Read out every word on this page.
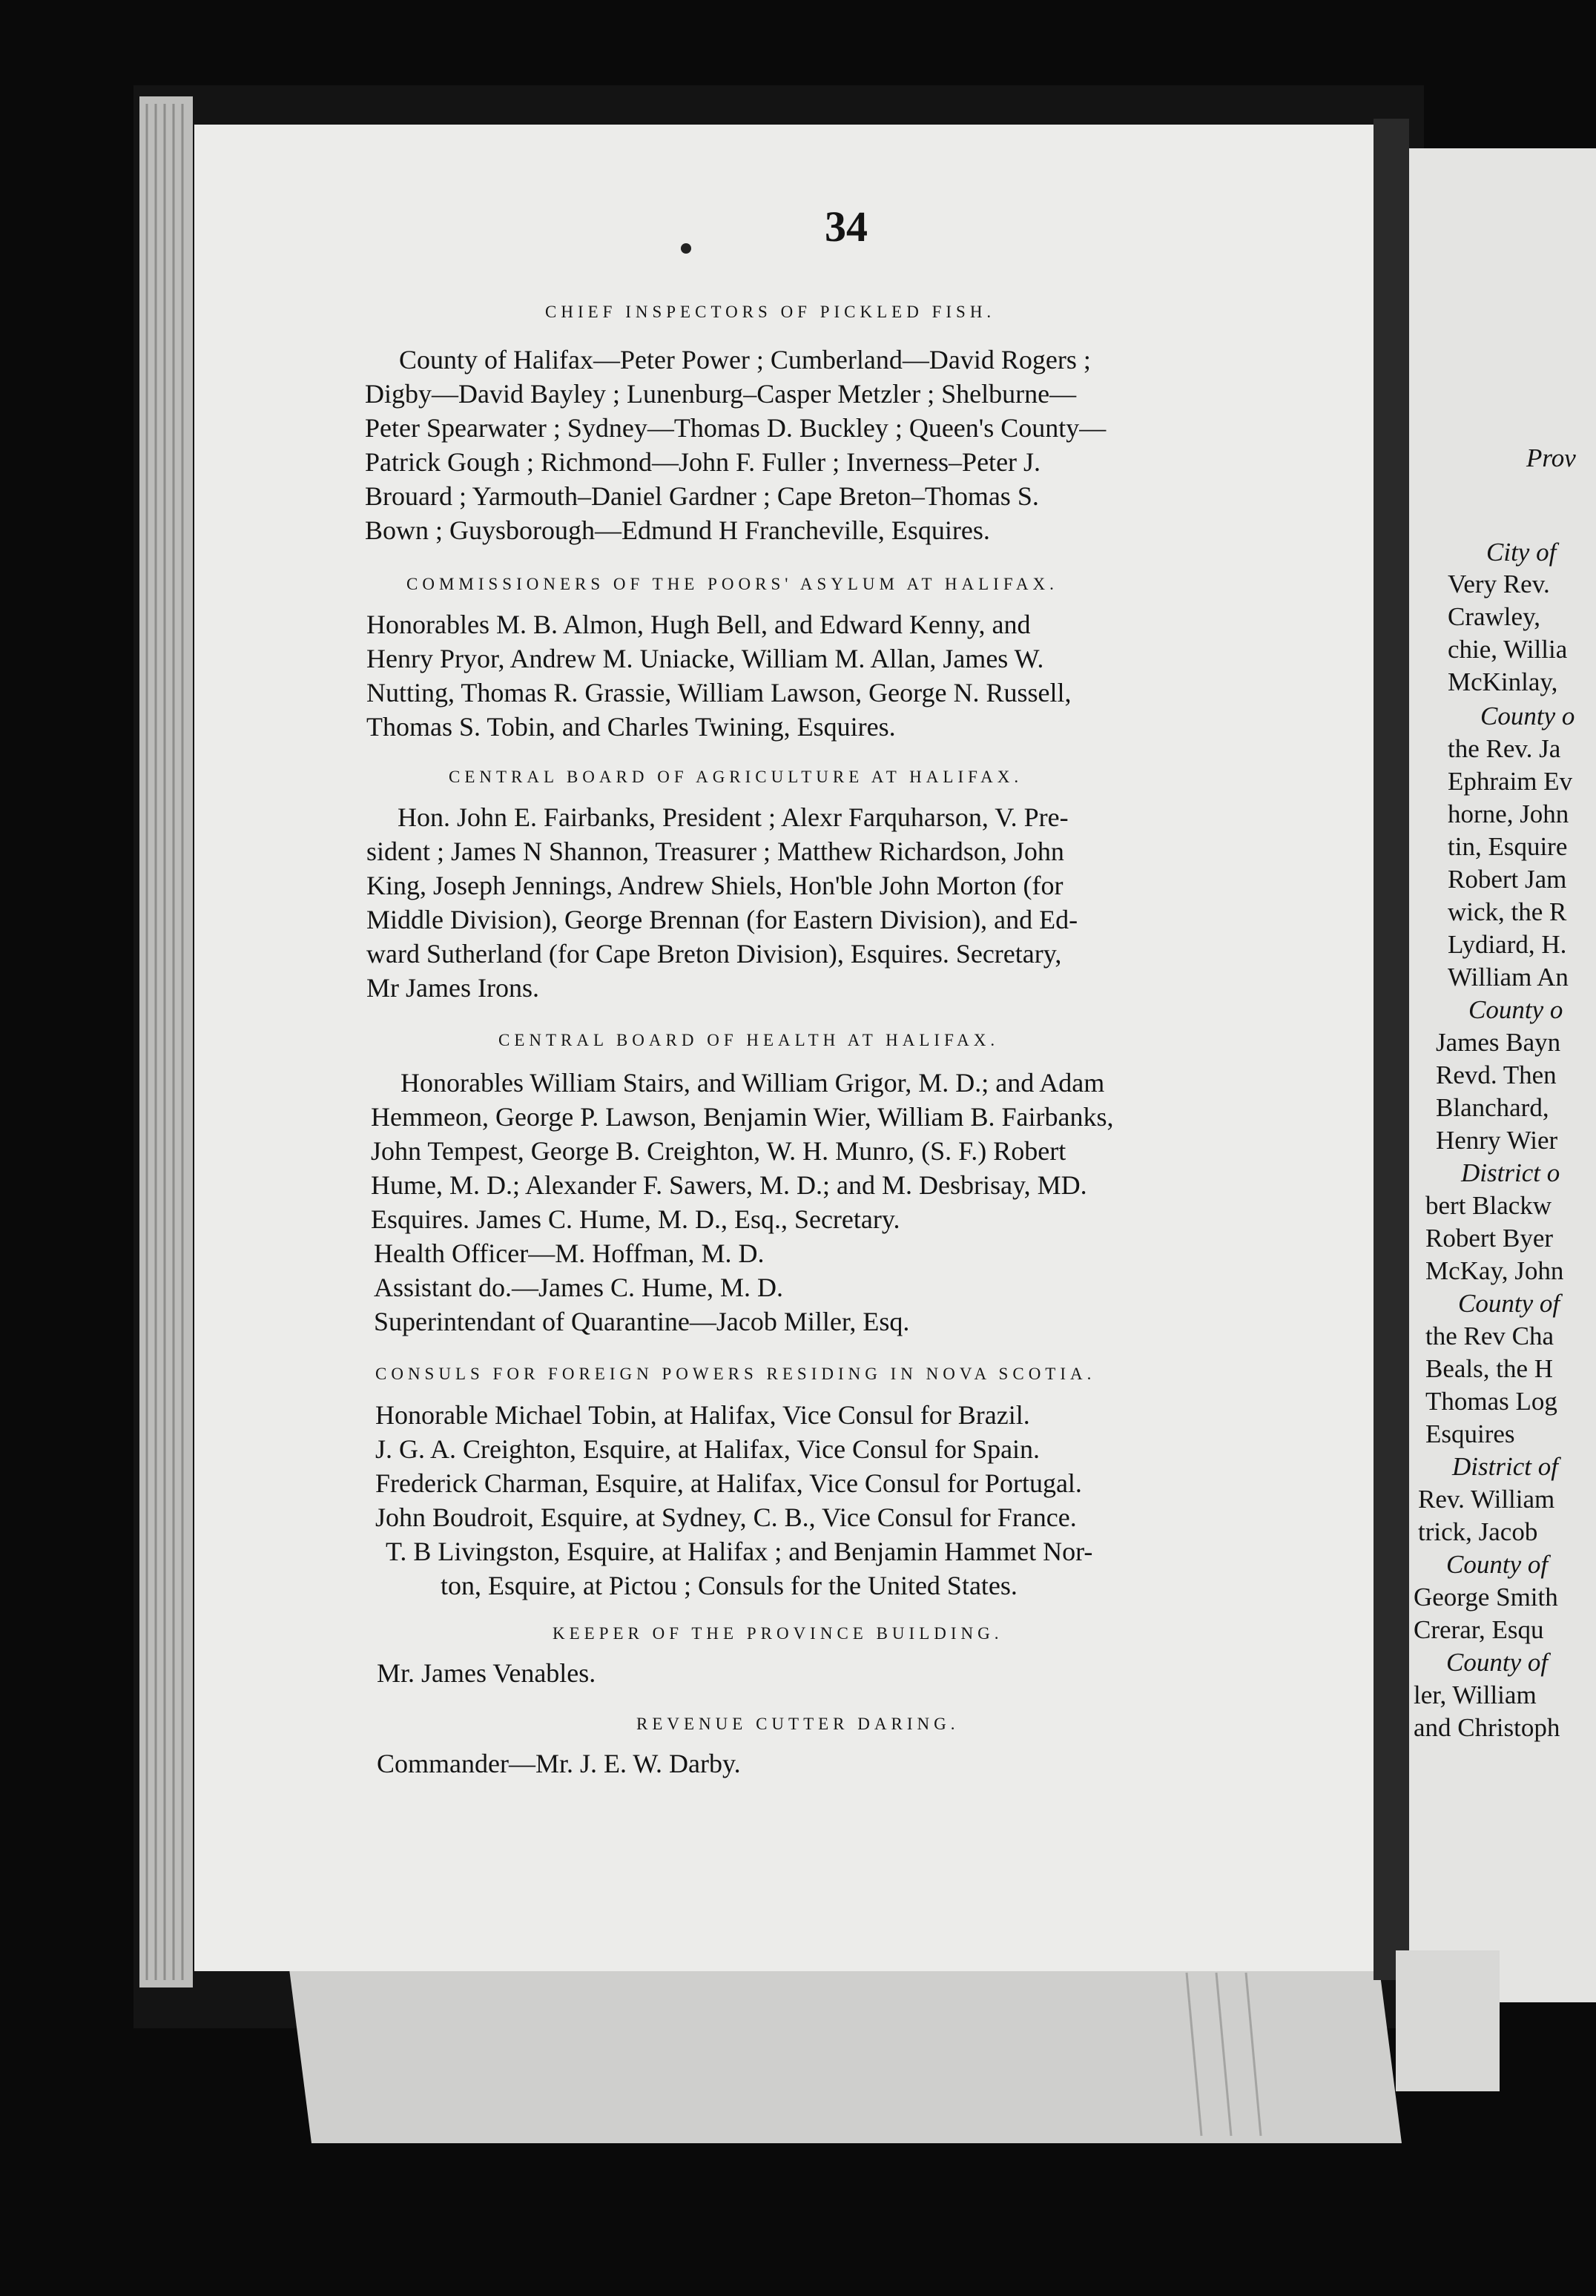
34
CHIEF INSPECTORS OF PICKLED FISH.
County of Halifax—Peter Power ; Cumberland—David Rogers ;
Digby—David Bayley ; Lunenburg–Casper Metzler ; Shelburne—
Peter Spearwater ; Sydney—Thomas D. Buckley ; Queen's County—
Patrick Gough ; Richmond—John F. Fuller ; Inverness–Peter J.
Brouard ; Yarmouth–Daniel Gardner ; Cape Breton–Thomas S.
Bown ; Guysborough—Edmund H Francheville, Esquires.
COMMISSIONERS OF THE POORS' ASYLUM AT HALIFAX.
Honorables M. B. Almon, Hugh Bell, and Edward Kenny, and
Henry Pryor, Andrew M. Uniacke, William M. Allan, James W.
Nutting, Thomas R. Grassie, William Lawson, George N. Russell,
Thomas S. Tobin, and Charles Twining, Esquires.
CENTRAL BOARD OF AGRICULTURE AT HALIFAX.
Hon. John E. Fairbanks, President ; Alexr Farquharson, V. Pre-
sident ; James N Shannon, Treasurer ; Matthew Richardson, John
King, Joseph Jennings, Andrew Shiels, Hon'ble John Morton (for
Middle Division), George Brennan (for Eastern Division), and Ed-
ward Sutherland (for Cape Breton Division), Esquires. Secretary,
Mr James Irons.
CENTRAL BOARD OF HEALTH AT HALIFAX.
Honorables William Stairs, and William Grigor, M. D.; and Adam
Hemmeon, George P. Lawson, Benjamin Wier, William B. Fairbanks,
John Tempest, George B. Creighton, W. H. Munro, (S. F.) Robert
Hume, M. D.; Alexander F. Sawers, M. D.; and M. Desbrisay, MD.
Esquires. James C. Hume, M. D., Esq., Secretary.
Health Officer—M. Hoffman, M. D.
Assistant do.—James C. Hume, M. D.
Superintendant of Quarantine—Jacob Miller, Esq.
CONSULS FOR FOREIGN POWERS RESIDING IN NOVA SCOTIA.
Honorable Michael Tobin, at Halifax, Vice Consul for Brazil.
J. G. A. Creighton, Esquire, at Halifax, Vice Consul for Spain.
Frederick Charman, Esquire, at Halifax, Vice Consul for Portugal.
John Boudroit, Esquire, at Sydney, C. B., Vice Consul for France.
T. B Livingston, Esquire, at Halifax ; and Benjamin Hammet Nor-
ton, Esquire, at Pictou ; Consuls for the United States.
KEEPER OF THE PROVINCE BUILDING.
Mr. James Venables.
REVENUE CUTTER DARING.
Commander—Mr. J. E. W. Darby.
Prov
City of
Very Rev.
Crawley,
chie, Willia
McKinlay,
County o
the Rev. Ja
Ephraim Ev
horne, John
tin, Esquire
Robert Jam
wick, the R
Lydiard, H.
William An
County o
James Bayn
Revd. Then
Blanchard,
Henry Wier
District o
bert Blackw
Robert Byer
McKay, John
County of
the Rev Cha
Beals, the H
Thomas Log
Esquires
District of
Rev. William
trick, Jacob
County of
George Smith
Crerar, Esqu
County of
ler, William
and Christoph
